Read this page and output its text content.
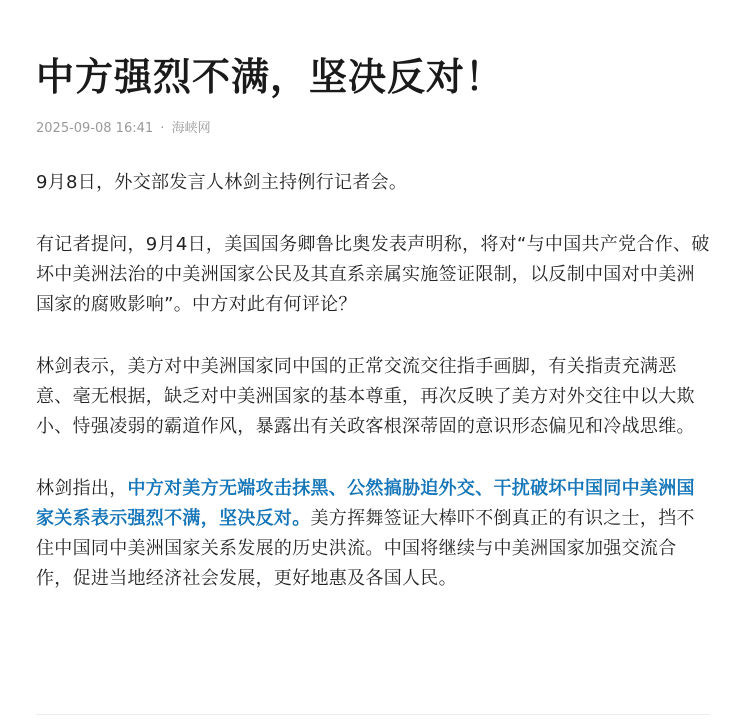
中方强烈不满，坚决反对！
2025-09-08 16:41 · 海峡网

9月8日，外交部发言人林剑主持例行记者会。

有记者提问，9月4日，美国国务卿鲁比奥发表声明称，将对“与中国共产党合作、破坏中美洲法治的中美洲国家公民及其直系亲属实施签证限制，以反制中国对中美洲国家的腐败影响”。中方对此有何评论？

林剑表示，美方对中美洲国家同中国的正常交流交往指手画脚，有关指责充满恶意、毫无根据，缺乏对中美洲国家的基本尊重，再次反映了美方对外交往中以大欺小、恃强凌弱的霸道作风，暴露出有关政客根深蒂固的意识形态偏见和冷战思维。

林剑指出，中方对美方无端攻击抹黑、公然搞胁迫外交、干扰破坏中国同中美洲国家关系表示强烈不满，坚决反对。美方挥舞签证大棒吓不倒真正的有识之士，挡不住中国同中美洲国家关系发展的历史洪流。中国将继续与中美洲国家加强交流合作，促进当地经济社会发展，更好地惠及各国人民。
